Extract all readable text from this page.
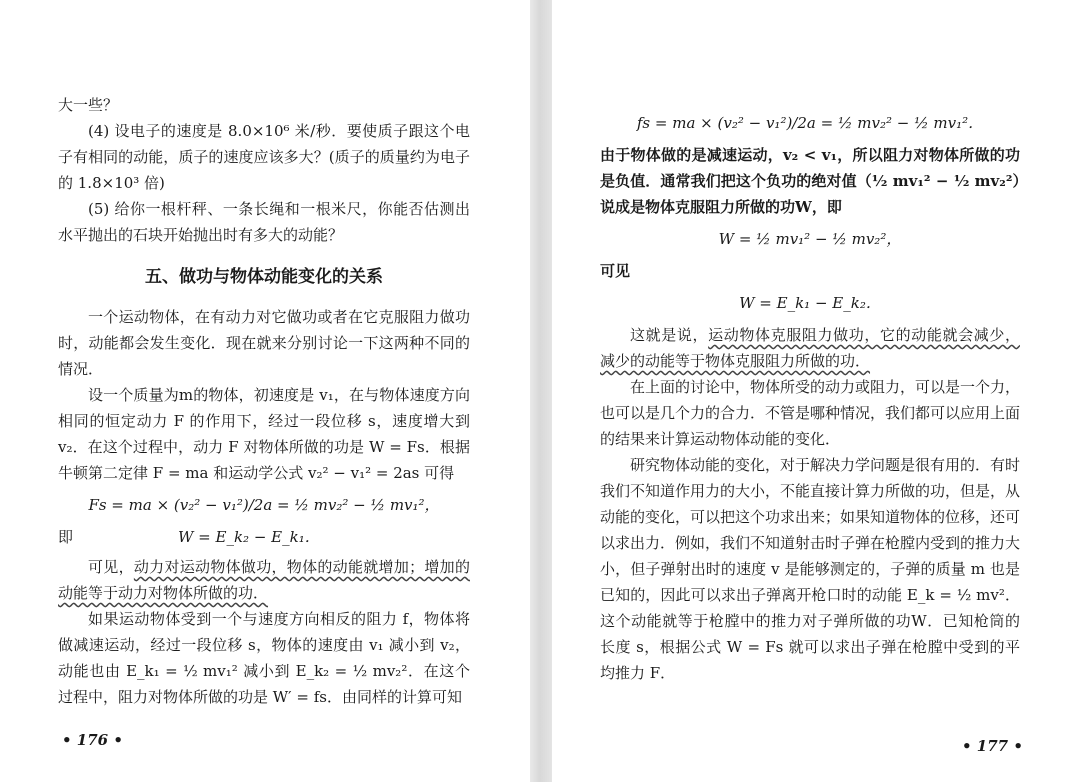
大一些？

(4) 设电子的速度是 8.0×10⁶ 米/秒．要使质子跟这个电子有相同的动能，质子的速度应该多大？(质子的质量约为电子的 1.8×10³ 倍)

(5) 给你一根杆秤、一条长绳和一根米尺，你能否估测出水平抛出的石块开始抛出时有多大的动能？

五、做功与物体动能变化的关系

一个运动物体，在有动力对它做功或者在它克服阻力做功时，动能都会发生变化．现在就来分别讨论一下这两种不同的情况．

设一个质量为m的物体，初速度是 v₁，在与物体速度方向相同的恒定动力 F 的作用下，经过一段位移 s，速度增大到 v₂．在这个过程中，动力 F 对物体所做的功是 W = Fs．根据牛顿第二定律 F = ma 和运动学公式 v₂² − v₁² = 2as 可得

Fs = ma × (v₂² − v₁²)/2a = ½ mv₂² − ½ mv₁²，
即	W = E_k₂ − E_k₁．

可见，动力对运动物体做功，物体的动能就增加；增加的动能等于动力对物体所做的功．

如果运动物体受到一个与速度方向相反的阻力 f，物体将做减速运动，经过一段位移 s，物体的速度由 v₁ 减小到 v₂，动能也由 E_k₁ = ½ mv₁² 减小到 E_k₂ = ½ mv₂²．在这个过程中，阻力对物体所做的功是 W′ = fs．由同样的计算可知

• 176 •
fs = ma × (v₂² − v₁²)/2a = ½ mv₂² − ½ mv₁²．

由于物体做的是减速运动，v₂ < v₁，所以阻力对物体所做的功是负值．通常我们把这个负功的绝对值（½ mv₁² − ½ mv₂²）说成是物体克服阻力所做的功W，即

W = ½ mv₁² − ½ mv₂²，

可见

W = E_k₁ − E_k₂．

这就是说，运动物体克服阻力做功，它的动能就会减少，减少的动能等于物体克服阻力所做的功．

在上面的讨论中，物体所受的动力或阻力，可以是一个力，也可以是几个力的合力．不管是哪种情况，我们都可以应用上面的结果来计算运动物体动能的变化．

研究物体动能的变化，对于解决力学问题是很有用的．有时我们不知道作用力的大小，不能直接计算力所做的功，但是，从动能的变化，可以把这个功求出来；如果知道物体的位移，还可以求出力．例如，我们不知道射击时子弹在枪膛内受到的推力大小，但子弹射出时的速度 v 是能够测定的，子弹的质量 m 也是已知的，因此可以求出子弹离开枪口时的动能 E_k = ½ mv²．这个动能就等于枪膛中的推力对子弹所做的功W．已知枪筒的长度 s，根据公式 W = Fs 就可以求出子弹在枪膛中受到的平均推力 F．

• 177 •
